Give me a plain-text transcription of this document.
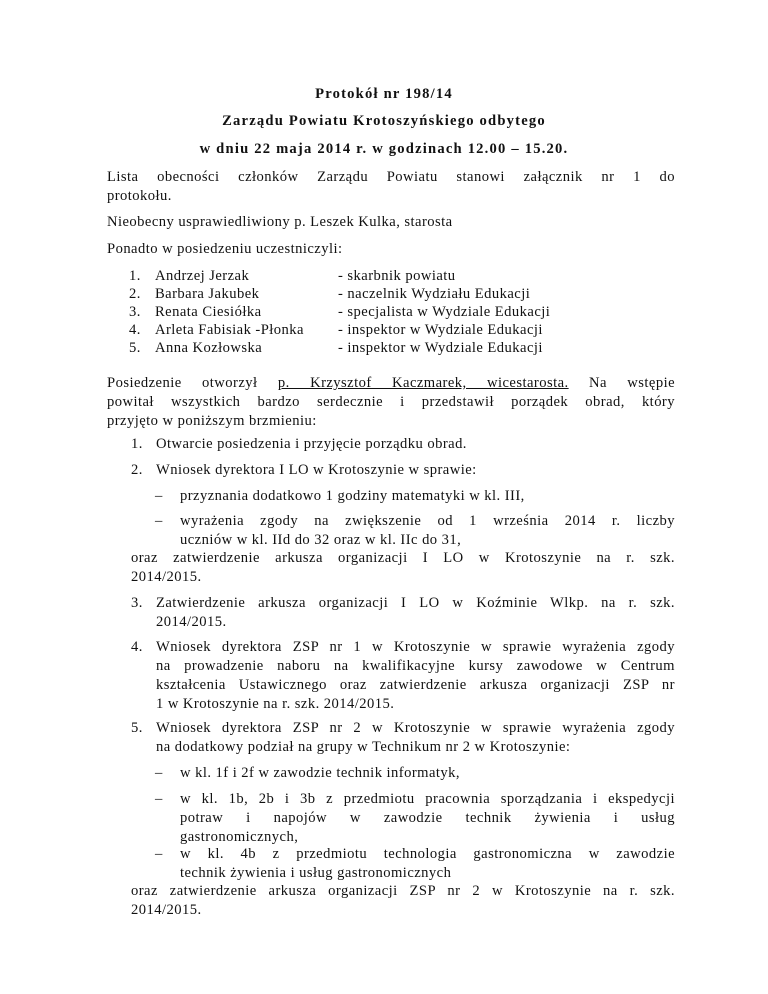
Protokół nr 198/14
Zarządu Powiatu Krotoszyńskiego odbytego
w dniu 22 maja 2014 r. w godzinach 12.00 – 15.20.
Lista obecności członków Zarządu Powiatu stanowi załącznik nr 1 do
protokołu.
Nieobecny usprawiedliwiony p. Leszek Kulka, starosta
Ponadto w posiedzeniu uczestniczyli:
1. Andrzej Jerzak	- skarbnik powiatu
2. Barbara Jakubek	- naczelnik Wydziału Edukacji
3. Renata Ciesiółka	- specjalista w Wydziale Edukacji
4. Arleta Fabisiak -Płonka - inspektor w Wydziale Edukacji
5. Anna Kozłowska	- inspektor w Wydziale Edukacji
Posiedzenie otworzył p. Krzysztof Kaczmarek, wicestarosta. Na wstępie
powitał wszystkich bardzo serdecznie i przedstawił porządek obrad, który
przyjęto w poniższym brzmieniu:
1. Otwarcie posiedzenia i przyjęcie porządku obrad.
2. Wniosek dyrektora I LO w Krotoszynie w sprawie:
– przyznania dodatkowo 1 godziny matematyki w kl. III,
– wyrażenia zgody na zwiększenie od 1 września 2014 r. liczby
uczniów w kl. IId do 32 oraz w kl. IIc do 31,
oraz zatwierdzenie arkusza organizacji I LO w Krotoszynie na r. szk.
2014/2015.
3. Zatwierdzenie arkusza organizacji I LO w Koźminie Wlkp. na r. szk.
2014/2015.
4. Wniosek dyrektora ZSP nr 1 w Krotoszynie w sprawie wyrażenia zgody
na prowadzenie naboru na kwalifikacyjne kursy zawodowe w Centrum
kształcenia Ustawicznego oraz zatwierdzenie arkusza organizacji ZSP nr
1 w Krotoszynie na r. szk. 2014/2015.
5. Wniosek dyrektora ZSP nr 2 w Krotoszynie w sprawie wyrażenia zgody
na dodatkowy podział na grupy w Technikum nr 2 w Krotoszynie:
– w kl. 1f i 2f w zawodzie technik informatyk,
– w kl. 1b, 2b i 3b z przedmiotu pracownia sporządzania i ekspedycji
potraw i napojów w zawodzie technik żywienia i usług
gastronomicznych,
– w kl. 4b z przedmiotu technologia gastronomiczna w zawodzie
technik żywienia i usług gastronomicznych
oraz zatwierdzenie arkusza organizacji ZSP nr 2 w Krotoszynie na r. szk.
2014/2015.
